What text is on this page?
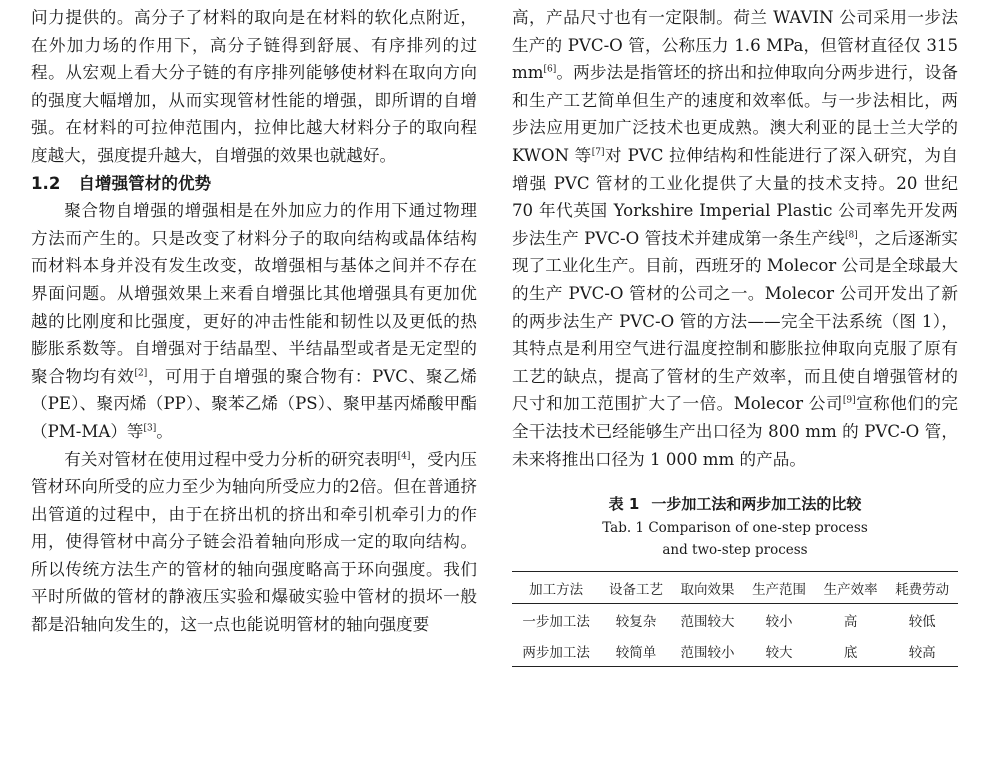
问力提供的。高分子了材料的取向是在材料的软化点附近，在外加力场的作用下，高分子链得到舒展、有序排列的过程。从宏观上看大分子链的有序排列能够使材料在取向方向的强度大幅增加，从而实现管材性能的增强，即所谓的自增强。在材料的可拉伸范围内，拉伸比越大材料分子的取向程度越大，强度提升越大，自增强的效果也就越好。

1.2 自增强管材的优势

聚合物自增强的增强相是在外加应力的作用下通过物理方法而产生的。只是改变了材料分子的取向结构或晶体结构而材料本身并没有发生改变，故增强相与基体之间并不存在界面问题。从增强效果上来看自增强比其他增强具有更加优越的比刚度和比强度，更好的冲击性能和韧性以及更低的热膨胀系数等。自增强对于结晶型、半结晶型或者是无定型的聚合物均有效[2]，可用于自增强的聚合物有：PVC、聚乙烯（PE）、聚丙烯（PP）、聚苯乙烯（PS）、聚甲基丙烯酸甲酯（PM-MA）等[3]。

有关对管材在使用过程中受力分析的研究表明[4]，受内压管材环向所受的应力至少为轴向所受应力的2倍。但在普通挤出管道的过程中，由于在挤出机的挤出和牵引机牵引力的作用，使得管材中高分子链会沿着轴向形成一定的取向结构。所以传统方法生产的管材的轴向强度略高于环向强度。我们平时所做的管材的静液压实验和爆破实验中管材的损坏一般都是沿轴向发生的，这一点也能说明管材的轴向强度要

高，产品尺寸也有一定限制。荷兰 WAVIN 公司采用一步法生产的 PVC-O 管，公称压力 1.6 MPa，但管材直径仅 315 mm[6]。两步法是指管坯的挤出和拉伸取向分两步进行，设备和生产工艺简单但生产的速度和效率低。与一步法相比，两步法应用更加广泛技术也更成熟。澳大利亚的昆士兰大学的 KWON 等[7]对 PVC 拉伸结构和性能进行了深入研究，为自增强 PVC 管材的工业化提供了大量的技术支持。20 世纪 70 年代英国 Yorkshire Imperial Plastic 公司率先开发两步法生产 PVC-O 管技术并建成第一条生产线[8]，之后逐渐实现了工业化生产。目前，西班牙的 Molecor 公司是全球最大的生产 PVC-O 管材的公司之一。Molecor 公司开发出了新的两步法生产 PVC-O 管的方法——完全干法系统（图 1），其特点是利用空气进行温度控制和膨胀拉伸取向克服了原有工艺的缺点，提高了管材的生产效率，而且使自增强管材的尺寸和加工范围扩大了一倍。Molecor 公司[9]宣称他们的完全干法技术已经能够生产出口径为 800 mm 的 PVC-O 管，未来将推出口径为 1 000 mm 的产品。

表 1 一步加工法和两步加工法的比较
Tab. 1 Comparison of one-step process
and two-step process
加工方法	设备工艺	取向效果	生产范围	生产效率	耗费劳动
一步加工法	较复杂	范围较大	较小	高	较低
两步加工法	较简单	范围较小	较大	底	较高
